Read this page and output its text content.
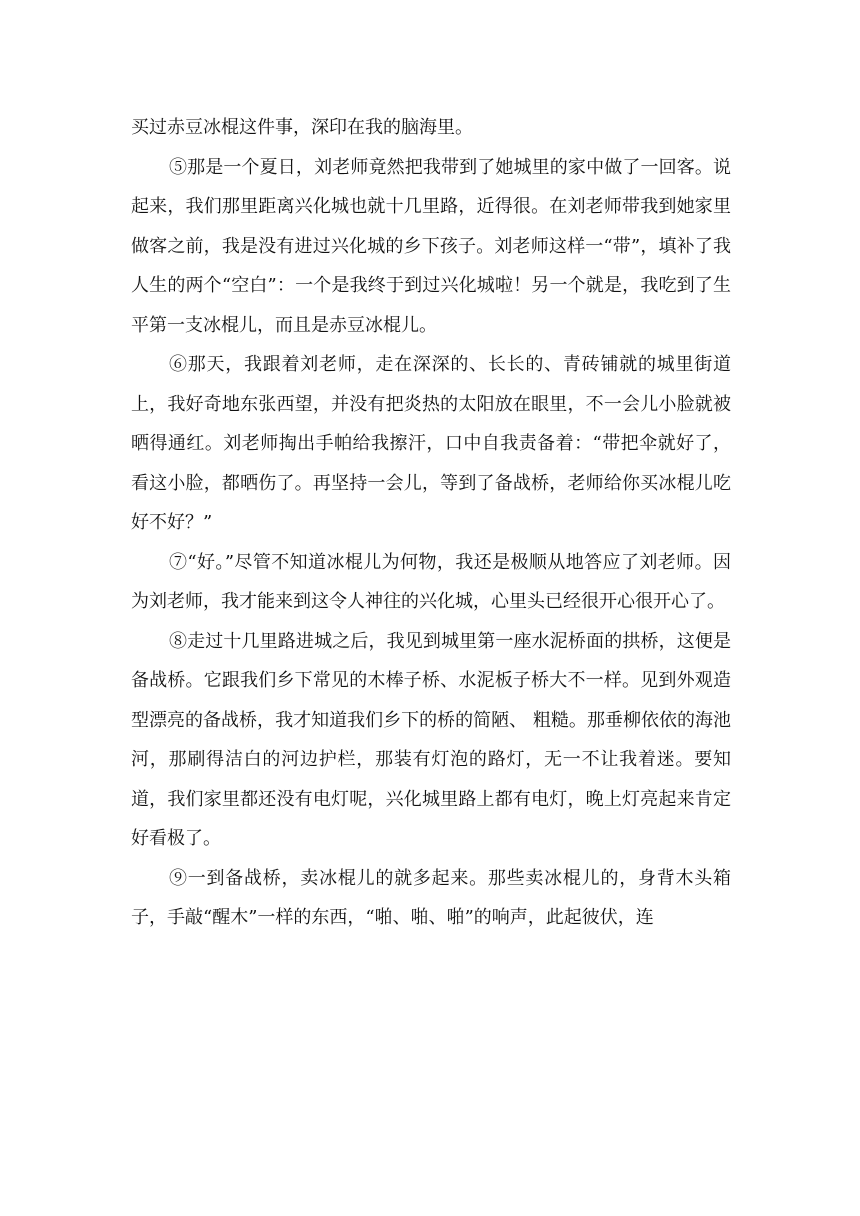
买过赤豆冰棍这件事，深印在我的脑海里。

⑤那是一个夏日，刘老师竟然把我带到了她城里的家中做了一回客。说起来，我们那里距离兴化城也就十几里路，近得很。在刘老师带我到她家里做客之前，我是没有进过兴化城的乡下孩子。刘老师这样一“带”，填补了我人生的两个“空白”：一个是我终于到过兴化城啦！另一个就是，我吃到了生平第一支冰棍儿，而且是赤豆冰棍儿。

⑥那天，我跟着刘老师，走在深深的、长长的、青砖铺就的城里街道上，我好奇地东张西望，并没有把炎热的太阳放在眼里，不一会儿小脸就被晒得通红。刘老师掏出手帕给我擦汗，口中自我责备着：“带把伞就好了，看这小脸，都晒伤了。再坚持一会儿，等到了备战桥，老师给你买冰棍儿吃好不好？”

⑦“好。”尽管不知道冰棍儿为何物，我还是极顺从地答应了刘老师。因为刘老师，我才能来到这令人神往的兴化城，心里头已经很开心很开心了。

⑧走过十几里路进城之后，我见到城里第一座水泥桥面的拱桥，这便是备战桥。它跟我们乡下常见的木棒子桥、水泥板子桥大不一样。见到外观造型漂亮的备战桥，我才知道我们乡下的桥的简陋、 粗糙。那垂柳依依的海池河，那刷得洁白的河边护栏，那装有灯泡的路灯，无一不让我着迷。要知道，我们家里都还没有电灯呢，兴化城里路上都有电灯，晚上灯亮起来肯定好看极了。

⑨一到备战桥，卖冰棍儿的就多起来。那些卖冰棍儿的，身背木头箱子，手敲“醒木”一样的东西，“啪、啪、啪”的响声，此起彼伏，连
